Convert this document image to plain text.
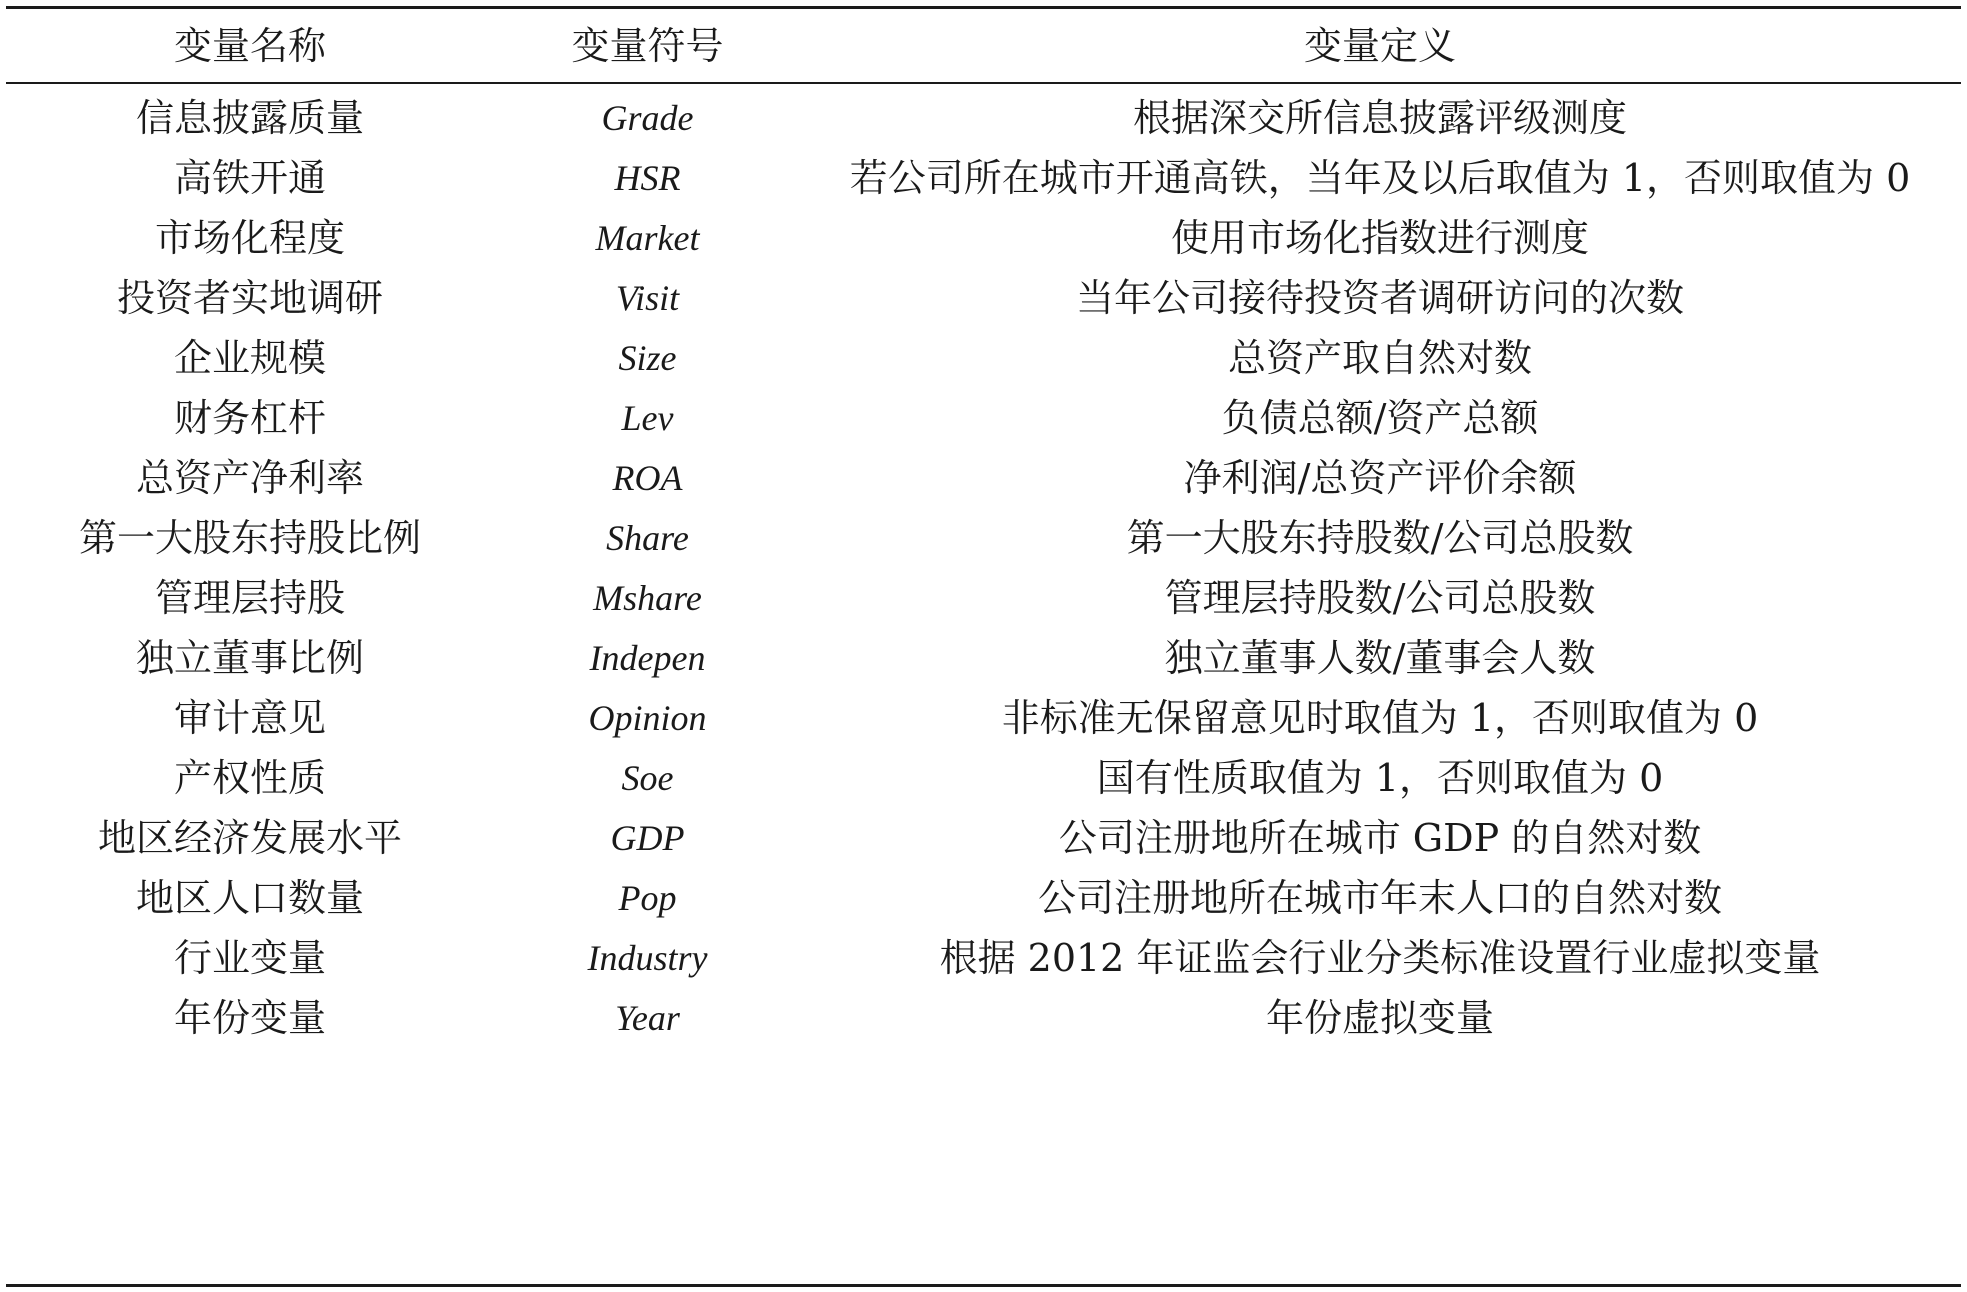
变量名称	变量符号	变量定义
信息披露质量	Grade	根据深交所信息披露评级测度
高铁开通	HSR	若公司所在城市开通高铁，当年及以后取值为 1，否则取值为 0
市场化程度	Market	使用市场化指数进行测度
投资者实地调研	Visit	当年公司接待投资者调研访问的次数
企业规模	Size	总资产取自然对数
财务杠杆	Lev	负债总额/资产总额
总资产净利率	ROA	净利润/总资产评价余额
第一大股东持股比例	Share	第一大股东持股数/公司总股数
管理层持股	Mshare	管理层持股数/公司总股数
独立董事比例	Indepen	独立董事人数/董事会人数
审计意见	Opinion	非标准无保留意见时取值为 1，否则取值为 0
产权性质	Soe	国有性质取值为 1，否则取值为 0
地区经济发展水平	GDP	公司注册地所在城市 GDP 的自然对数
地区人口数量	Pop	公司注册地所在城市年末人口的自然对数
行业变量	Industry	根据 2012 年证监会行业分类标准设置行业虚拟变量
年份变量	Year	年份虚拟变量
